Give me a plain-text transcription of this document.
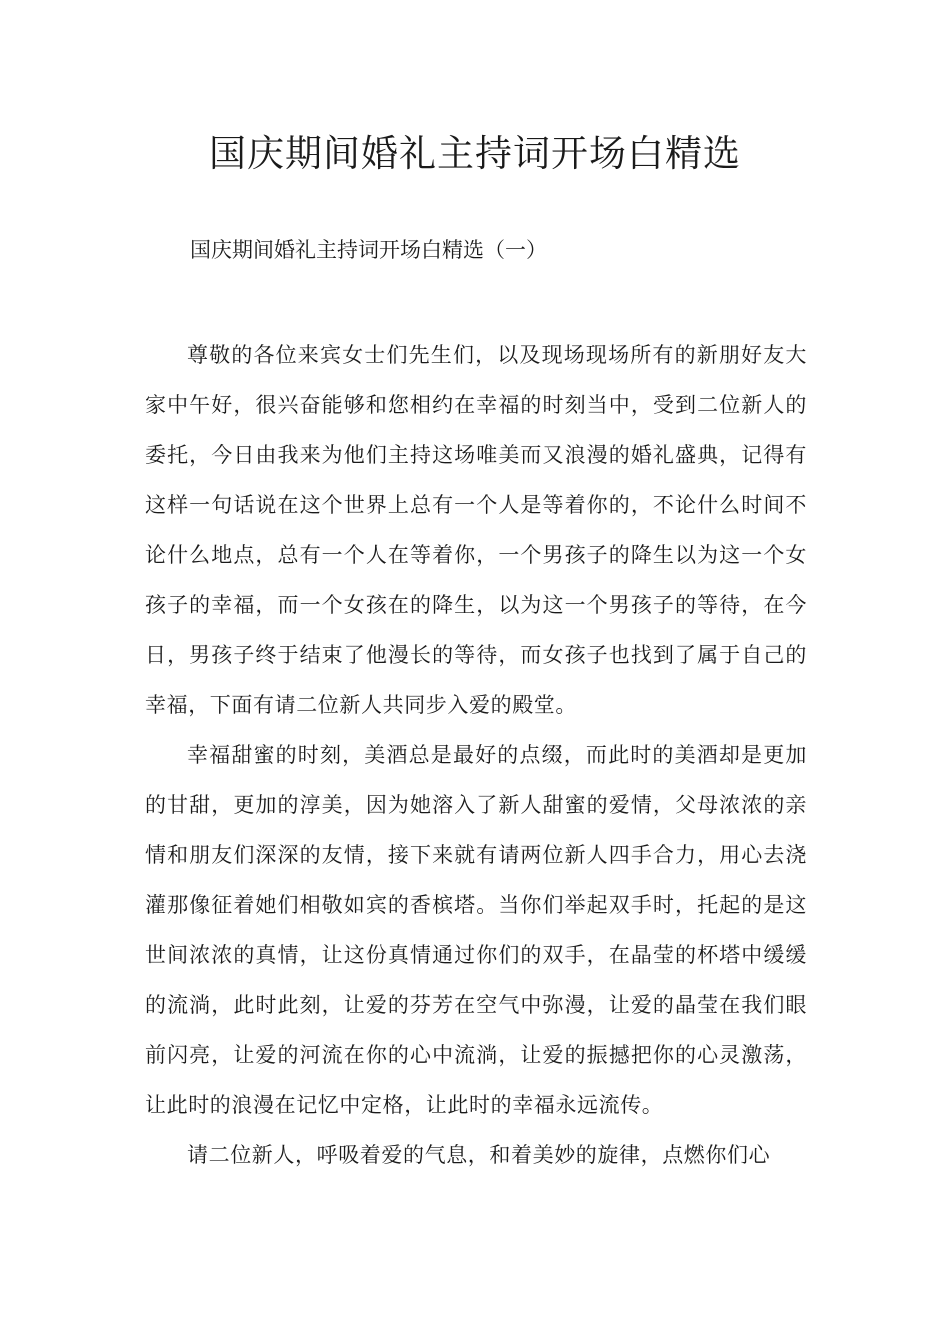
国庆期间婚礼主持词开场白精选

国庆期间婚礼主持词开场白精选（一）

尊敬的各位来宾女士们先生们，以及现场现场所有的新朋好友大家中午好，很兴奋能够和您相约在幸福的时刻当中，受到二位新人的委托，今日由我来为他们主持这场唯美而又浪漫的婚礼盛典，记得有这样一句话说在这个世界上总有一个人是等着你的，不论什么时间不论什么地点，总有一个人在等着你，一个男孩子的降生以为这一个女孩子的幸福，而一个女孩在的降生，以为这一个男孩子的等待，在今日，男孩子终于结束了他漫长的等待，而女孩子也找到了属于自己的幸福，下面有请二位新人共同步入爱的殿堂。

幸福甜蜜的时刻，美酒总是最好的点缀，而此时的美酒却是更加的甘甜，更加的淳美，因为她溶入了新人甜蜜的爱情，父母浓浓的亲情和朋友们深深的友情，接下来就有请两位新人四手合力，用心去浇灌那像征着她们相敬如宾的香槟塔。当你们举起双手时，托起的是这世间浓浓的真情，让这份真情通过你们的双手，在晶莹的杯塔中缓缓的流淌，此时此刻，让爱的芬芳在空气中弥漫，让爱的晶莹在我们眼前闪亮，让爱的河流在你的心中流淌，让爱的振撼把你的心灵激荡，让此时的浪漫在记忆中定格，让此时的幸福永远流传。

请二位新人，呼吸着爱的气息，和着美妙的旋律，点燃你们心
